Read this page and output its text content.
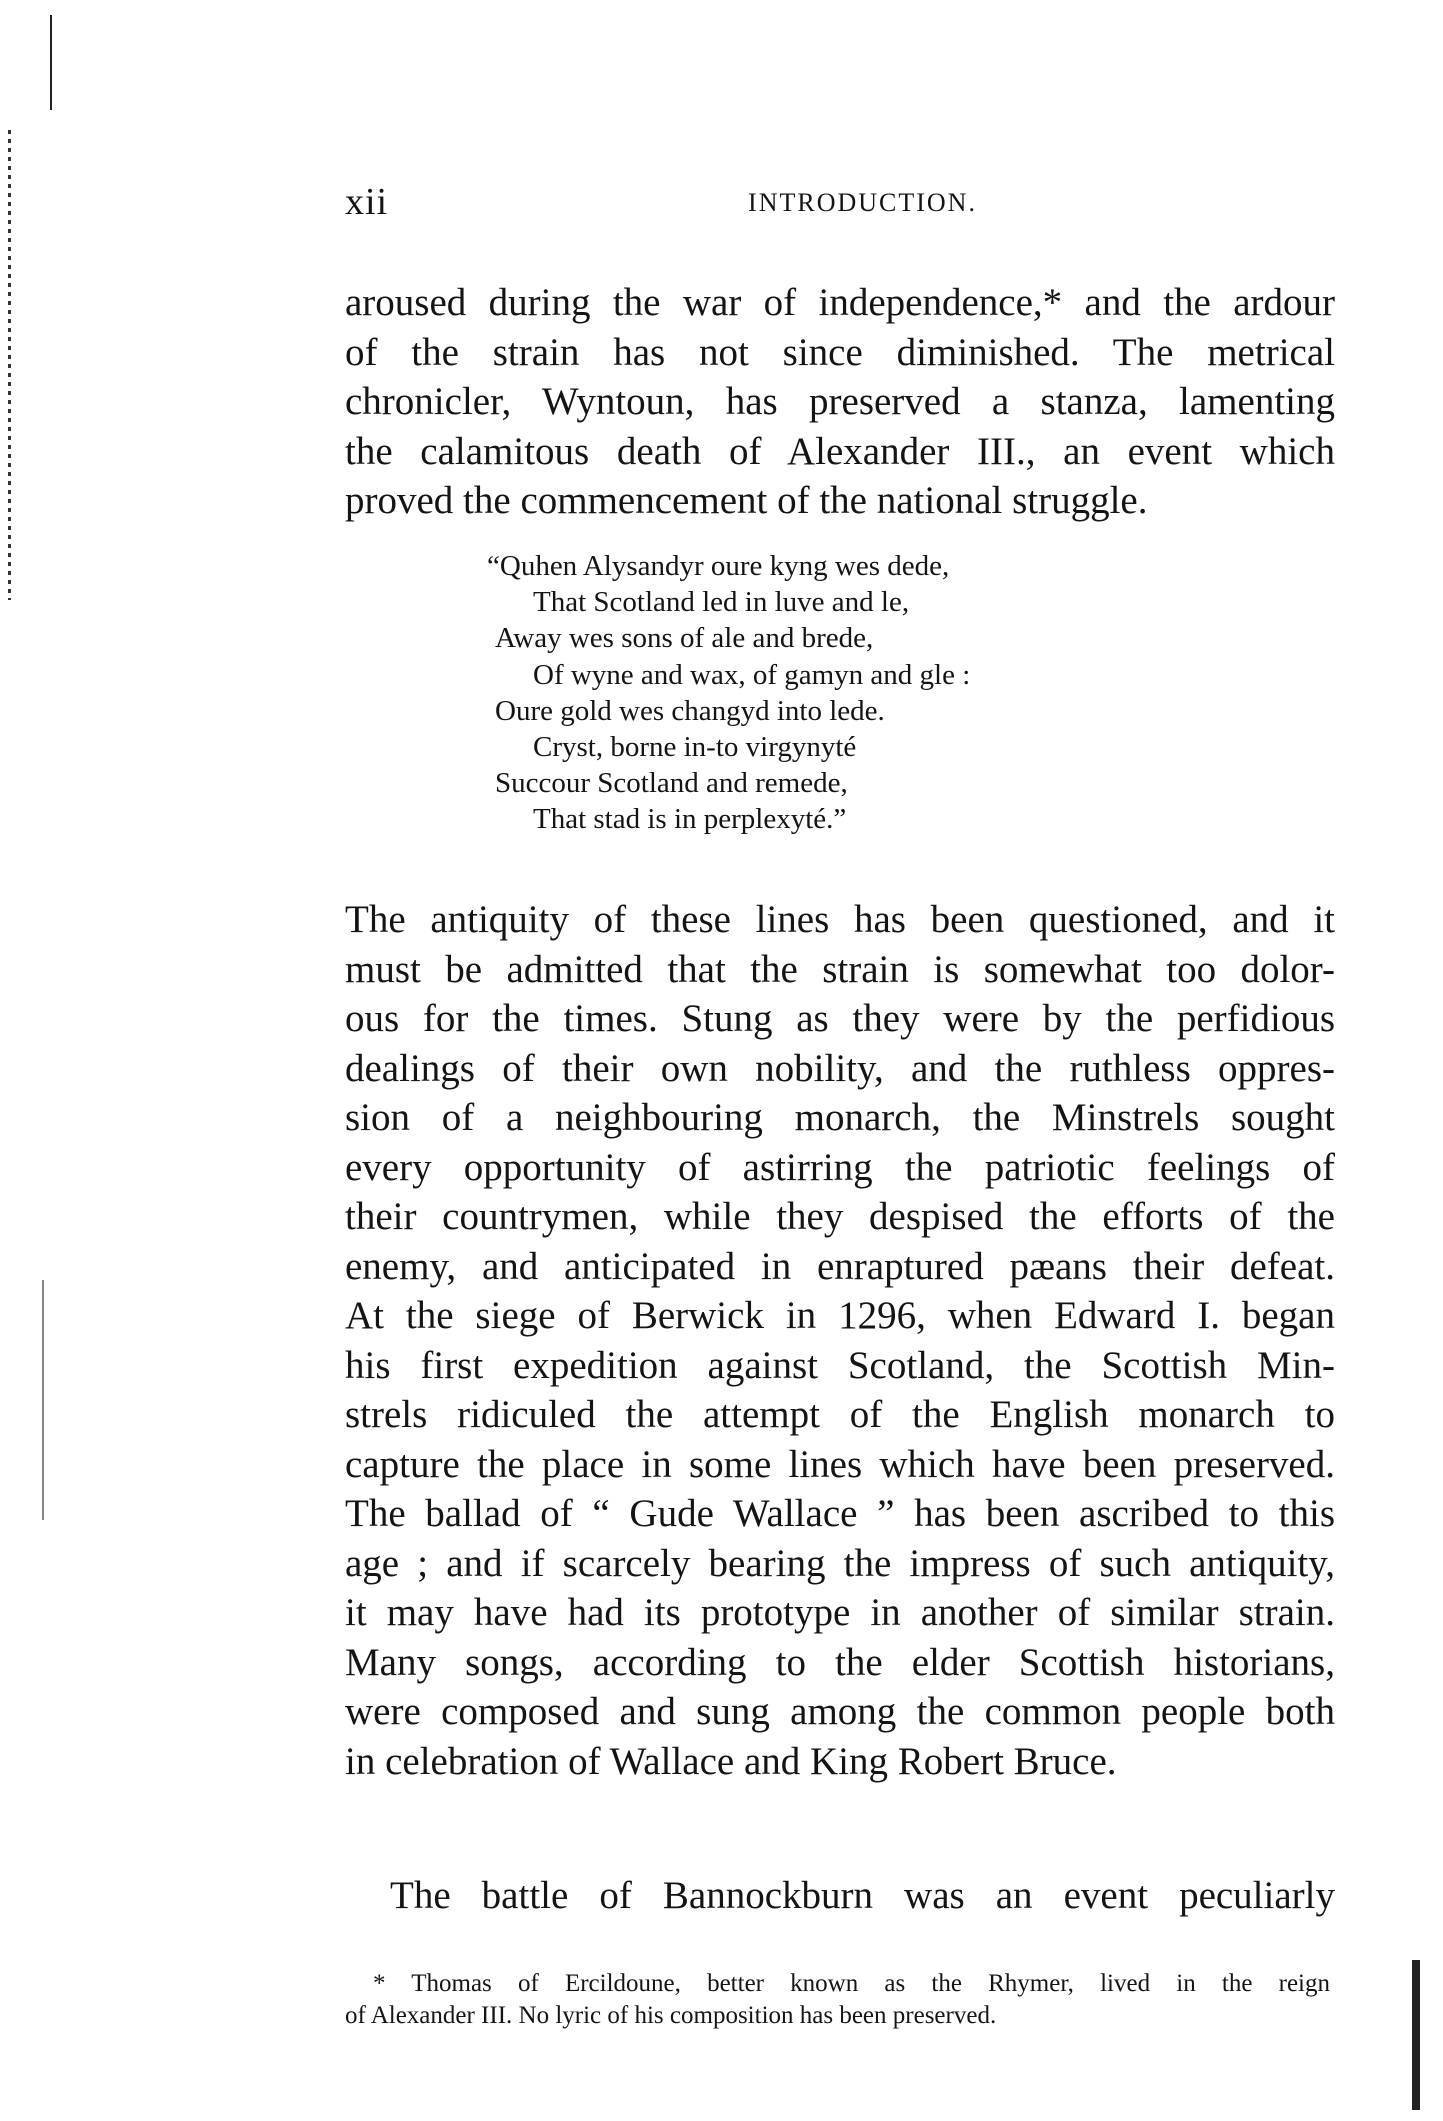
xii	INTRODUCTION.
aroused during the war of independence,* and the ardour
of the strain has not since diminished. The metrical
chronicler, Wyntoun, has preserved a stanza, lamenting
the calamitous death of Alexander III., an event which
proved the commencement of the national struggle.
“Quhen Alysandyr oure kyng wes dede,
That Scotland led in luve and le,
Away wes sons of ale and brede,
Of wyne and wax, of gamyn and gle :
Oure gold wes changyd into lede.
Cryst, borne in-to virgynyté
Succour Scotland and remede,
That stad is in perplexyté.”
The antiquity of these lines has been questioned, and it
must be admitted that the strain is somewhat too dolor-
ous for the times. Stung as they were by the perfidious
dealings of their own nobility, and the ruthless oppres-
sion of a neighbouring monarch, the Minstrels sought
every opportunity of astirring the patriotic feelings of
their countrymen, while they despised the efforts of the
enemy, and anticipated in enraptured pæans their defeat.
At the siege of Berwick in 1296, when Edward I. began
his first expedition against Scotland, the Scottish Min-
strels ridiculed the attempt of the English monarch to
capture the place in some lines which have been preserved.
The ballad of “ Gude Wallace ” has been ascribed to this
age ; and if scarcely bearing the impress of such antiquity,
it may have had its prototype in another of similar strain.
Many songs, according to the elder Scottish historians,
were composed and sung among the common people both
in celebration of Wallace and King Robert Bruce.
The battle of Bannockburn was an event peculiarly
* Thomas of Ercildoune, better known as the Rhymer, lived in the reign
of Alexander III. No lyric of his composition has been preserved.
